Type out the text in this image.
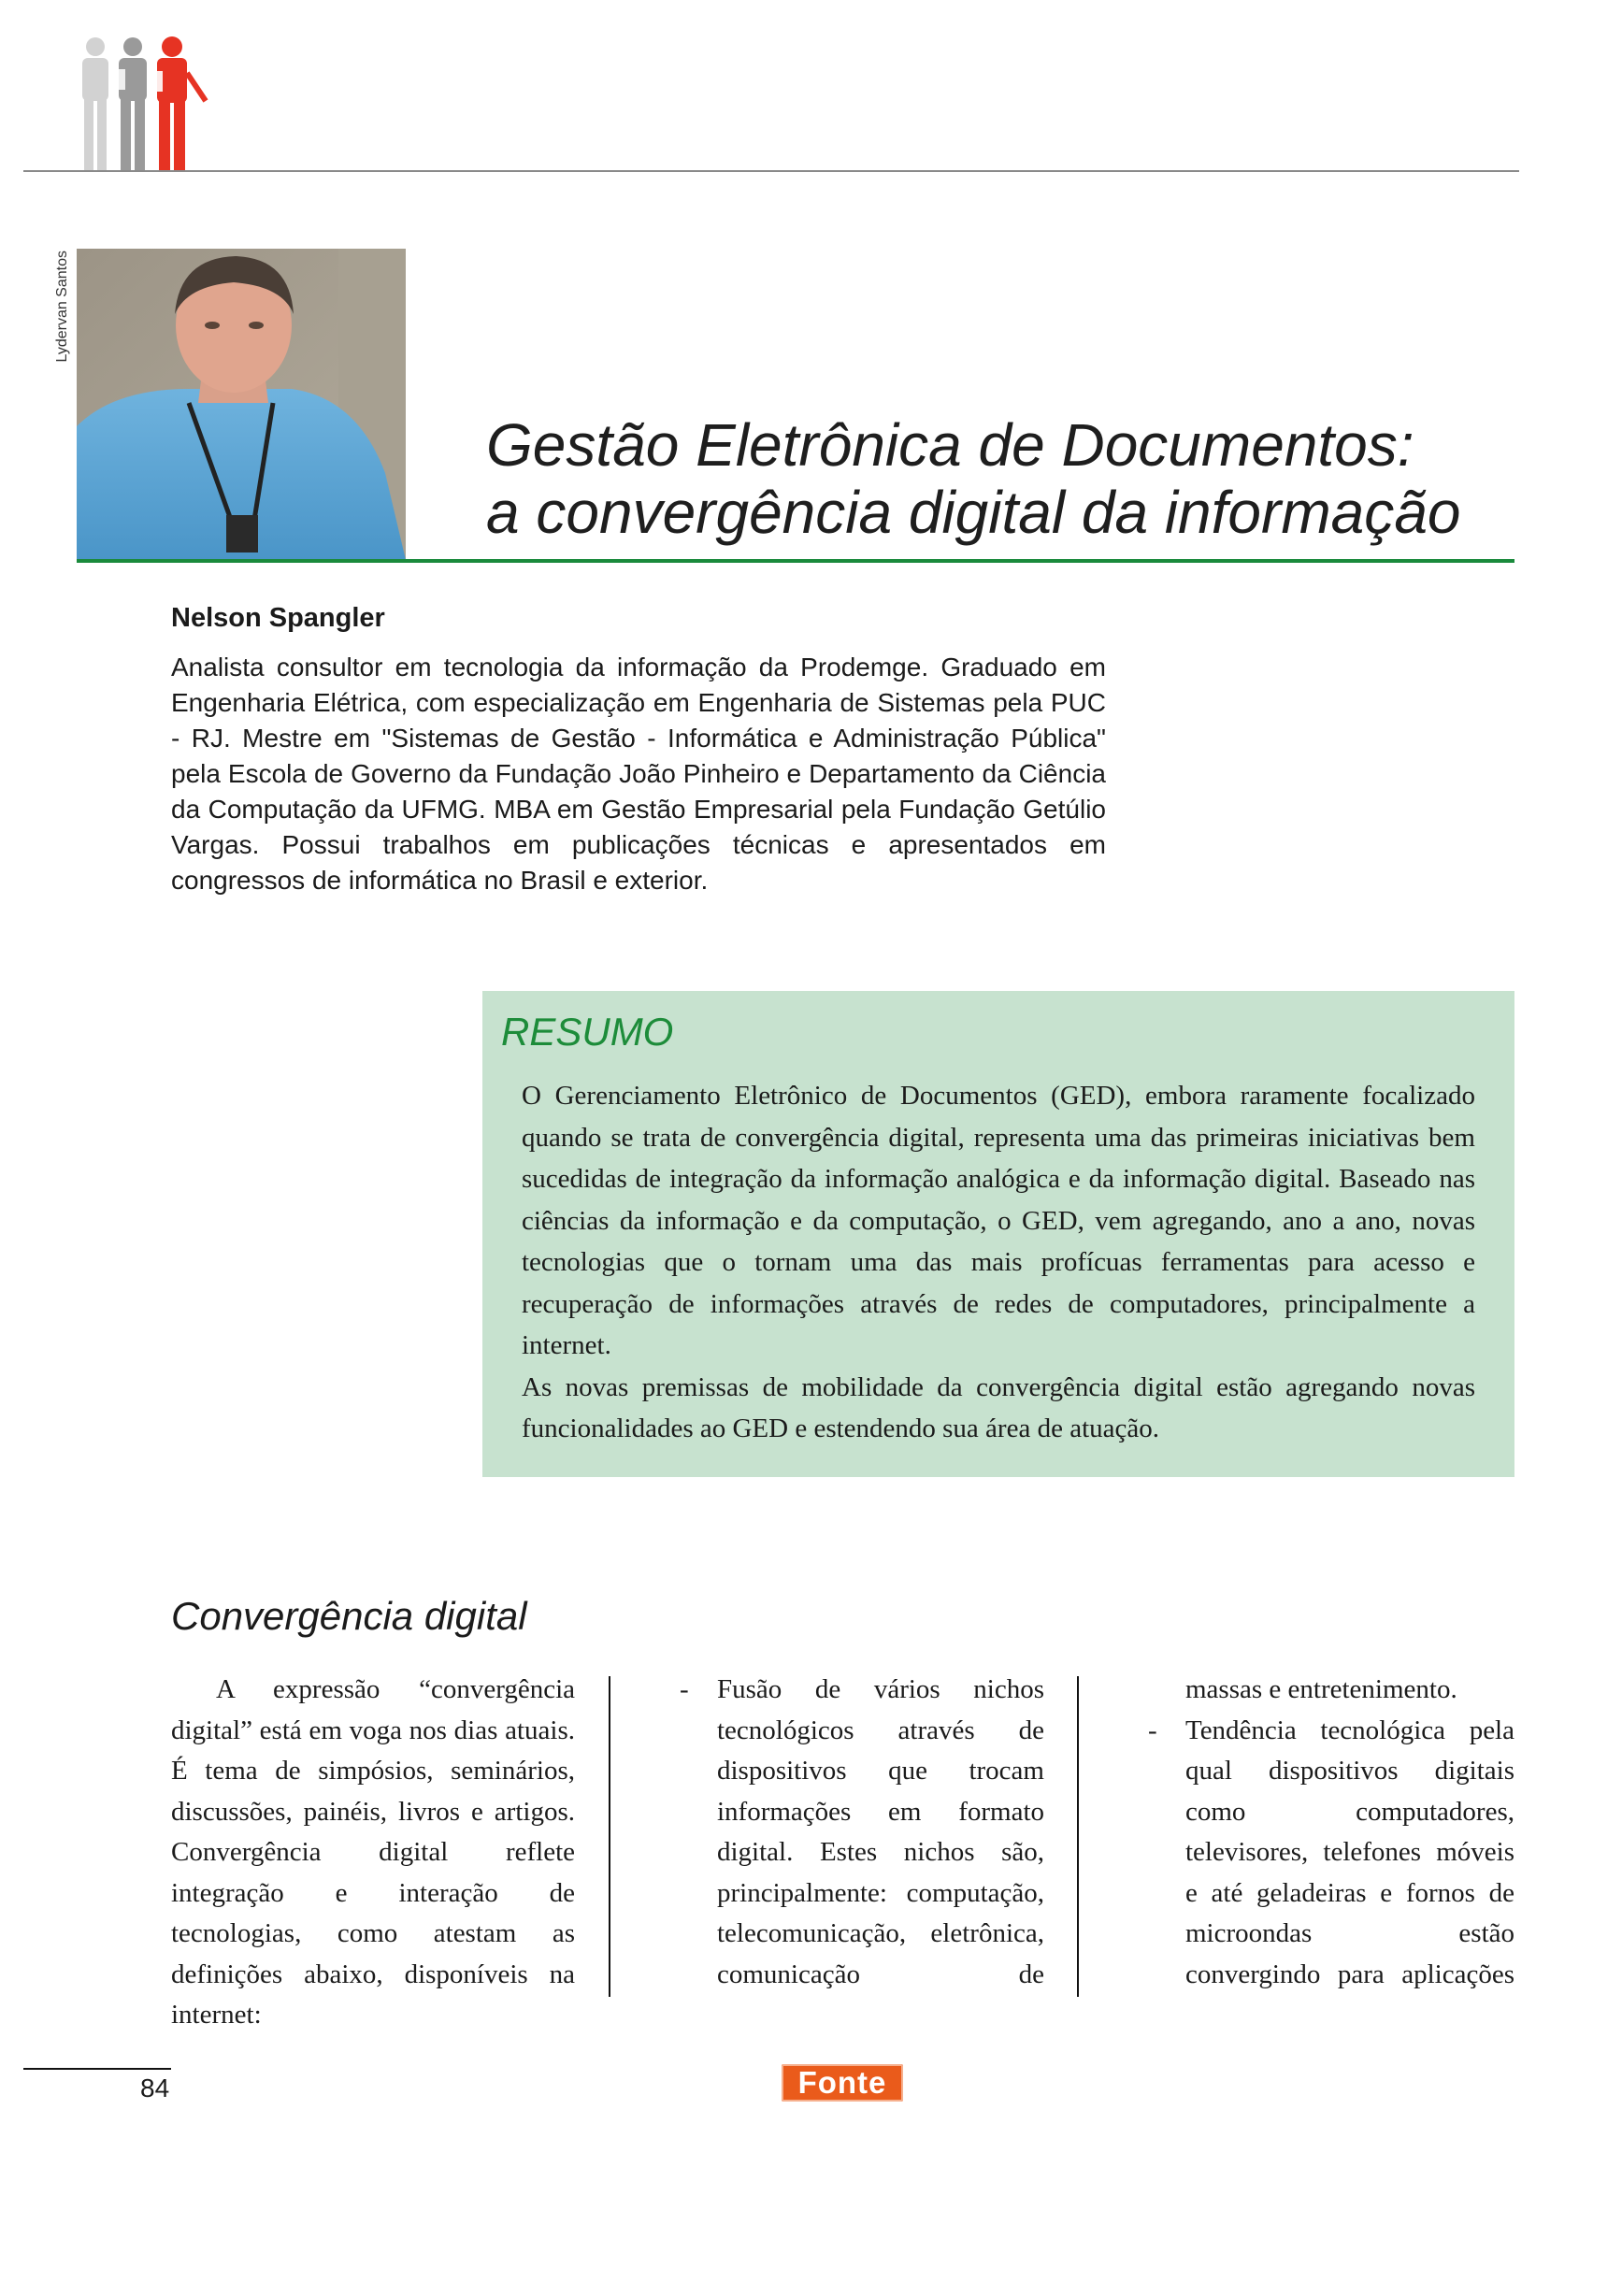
Lydervan Santos
Gestão Eletrônica de Documentos:
a convergência digital da informação
Nelson Spangler
Analista consultor em tecnologia da informação da Prodemge. Graduado em Engenharia Elétrica, com especialização em Engenharia de Sistemas pela PUC - RJ. Mestre em "Sistemas de Gestão - Informática e Administração Pública" pela Escola de Governo da Fundação João Pinheiro e Departamento da Ciência da Computação da UFMG. MBA em Gestão Empresarial pela Fundação Getúlio Vargas. Possui trabalhos em publicações técnicas e apresentados em congressos de informática no Brasil e exterior.
RESUMO

O Gerenciamento Eletrônico de Documentos (GED), embora raramente focalizado quando se trata de convergência digital, representa uma das primeiras iniciativas bem sucedidas de integração da informação analógica e da informação digital. Baseado nas ciências da informação e da computação, o GED, vem agregando, ano a ano, novas tecnologias que o tornam uma das mais profícuas ferramentas para acesso e recuperação de informações através de redes de computadores, principalmente a internet.

As novas premissas de mobilidade da convergência digital estão agregando novas funcionalidades ao GED e estendendo sua área de atuação.

Convergência digital

A expressão “convergência digital” está em voga nos dias atuais. É tema de simpósios, seminários, discussões, painéis, livros e artigos. Convergência digital reflete integração e interação de tecnologias, como atestam as definições abaixo, disponíveis na internet:

- Fusão de vários nichos tecnológicos através de dispositivos que trocam informações em formato digital. Estes nichos são, principalmente: computação, telecomunicação, eletrônica, comunicação de

massas e entretenimento.

- Tendência tecnológica pela qual dispositivos digitais como computadores, televisores, telefones móveis e até geladeiras e fornos de microondas estão convergindo para aplicações

84	Fonte
